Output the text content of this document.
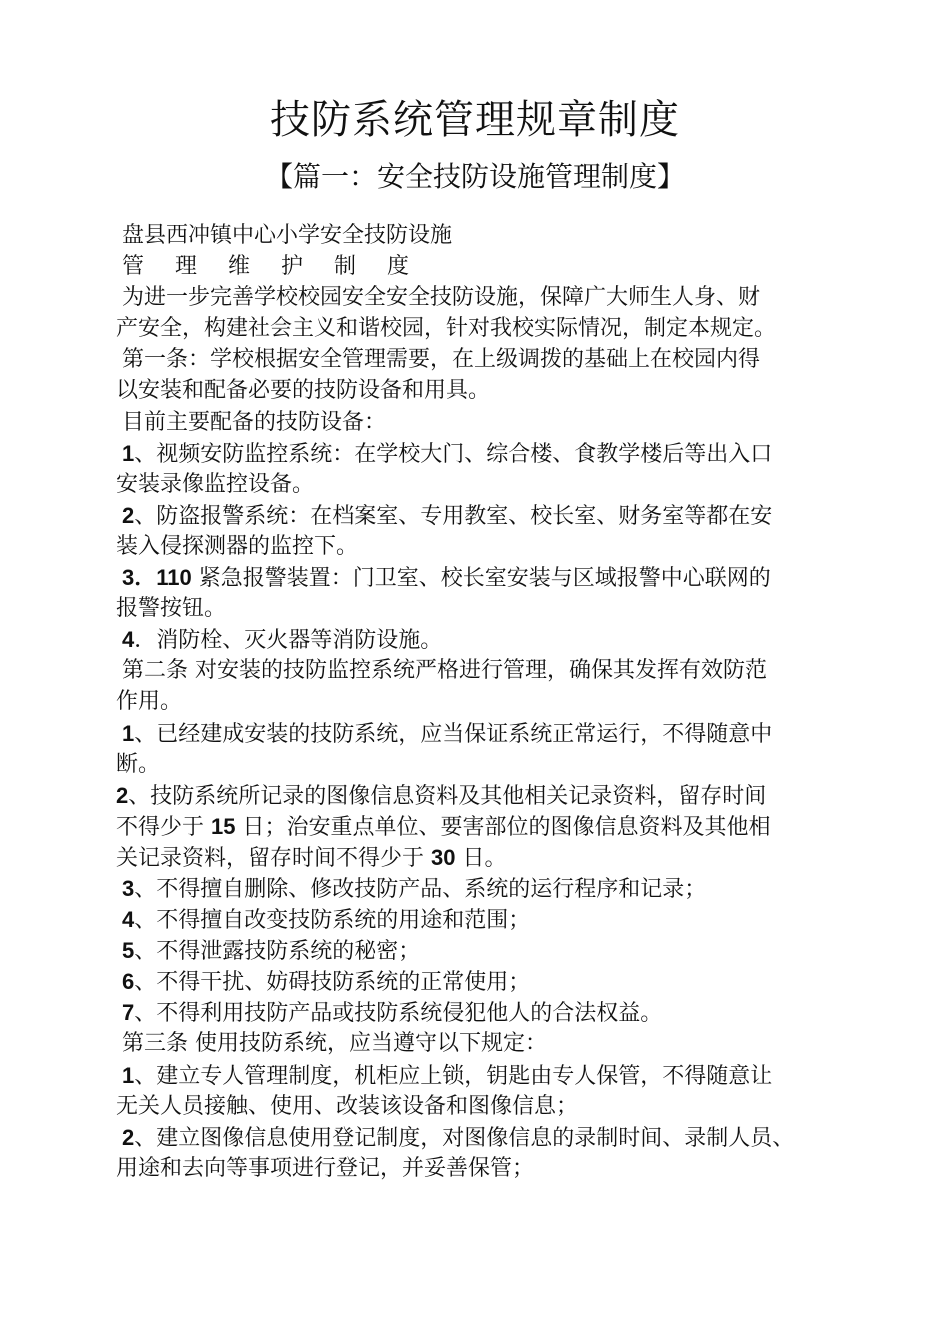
技防系统管理规章制度
【篇一：安全技防设施管理制度】
盘县西冲镇中心小学安全技防设施
管 理 维 护 制 度
为进一步完善学校校园安全安全技防设施，保障广大师生人身、财
产安全，构建社会主义和谐校园，针对我校实际情况，制定本规定。
第一条：学校根据安全管理需要，在上级调拨的基础上在校园内得
以安装和配备必要的技防设备和用具。
目前主要配备的技防设备：
1、视频安防监控系统：在学校大门、综合楼、食教学楼后等出入口
安装录像监控设备。
2、防盗报警系统：在档案室、专用教室、校长室、财务室等都在安
装入侵探测器的监控下。
3．110 紧急报警装置：门卫室、校长室安装与区域报警中心联网的
报警按钮。
4．消防栓、灭火器等消防设施。
第二条 对安装的技防监控系统严格进行管理，确保其发挥有效防范
作用。
1、已经建成安装的技防系统，应当保证系统正常运行，不得随意中
断。
2、技防系统所记录的图像信息资料及其他相关记录资料，留存时间
不得少于 15 日；治安重点单位、要害部位的图像信息资料及其他相
关记录资料，留存时间不得少于 30 日。
3、不得擅自删除、修改技防产品、系统的运行程序和记录；
4、不得擅自改变技防系统的用途和范围；
5、不得泄露技防系统的秘密；
6、不得干扰、妨碍技防系统的正常使用；
7、不得利用技防产品或技防系统侵犯他人的合法权益。
第三条 使用技防系统，应当遵守以下规定：
1、建立专人管理制度，机柜应上锁，钥匙由专人保管，不得随意让
无关人员接触、使用、改装该设备和图像信息；
2、建立图像信息使用登记制度，对图像信息的录制时间、录制人员、
用途和去向等事项进行登记，并妥善保管；
